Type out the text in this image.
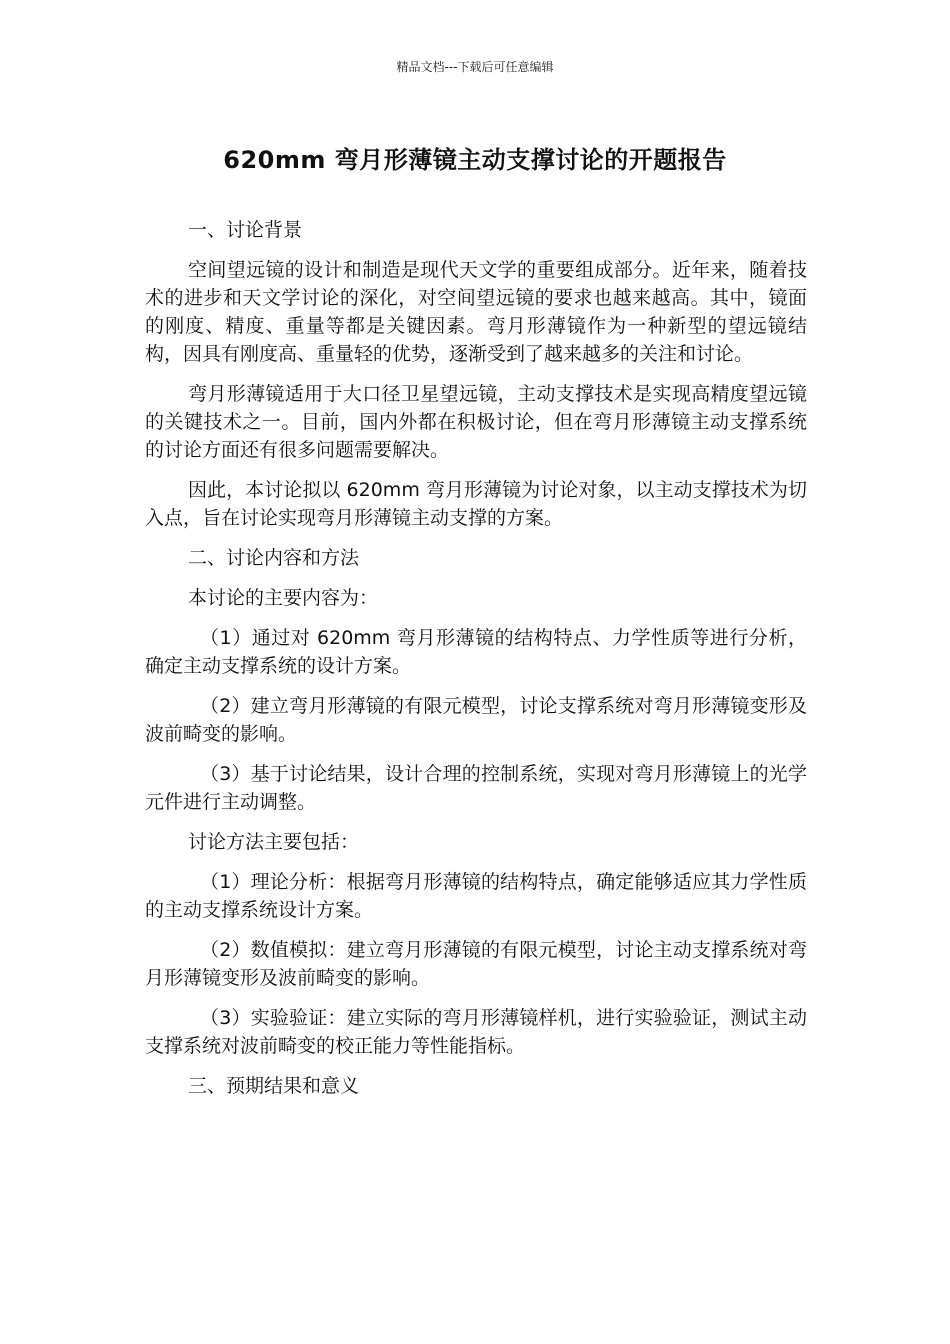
精品文档---下载后可任意编辑
620mm 弯月形薄镜主动支撑讨论的开题报告

一、讨论背景

空间望远镜的设计和制造是现代天文学的重要组成部分。近年来，随着技术的进步和天文学讨论的深化，对空间望远镜的要求也越来越高。其中，镜面的刚度、精度、重量等都是关键因素。弯月形薄镜作为一种新型的望远镜结构，因具有刚度高、重量轻的优势，逐渐受到了越来越多的关注和讨论。

弯月形薄镜适用于大口径卫星望远镜，主动支撑技术是实现高精度望远镜的关键技术之一。目前，国内外都在积极讨论，但在弯月形薄镜主动支撑系统的讨论方面还有很多问题需要解决。

因此，本讨论拟以 620mm 弯月形薄镜为讨论对象，以主动支撑技术为切入点，旨在讨论实现弯月形薄镜主动支撑的方案。

二、讨论内容和方法

本讨论的主要内容为：

（1）通过对 620mm 弯月形薄镜的结构特点、力学性质等进行分析，确定主动支撑系统的设计方案。

（2）建立弯月形薄镜的有限元模型，讨论支撑系统对弯月形薄镜变形及波前畸变的影响。

（3）基于讨论结果，设计合理的控制系统，实现对弯月形薄镜上的光学元件进行主动调整。

讨论方法主要包括：

（1）理论分析：根据弯月形薄镜的结构特点，确定能够适应其力学性质的主动支撑系统设计方案。

（2）数值模拟：建立弯月形薄镜的有限元模型，讨论主动支撑系统对弯月形薄镜变形及波前畸变的影响。

（3）实验验证：建立实际的弯月形薄镜样机，进行实验验证，测试主动支撑系统对波前畸变的校正能力等性能指标。

三、预期结果和意义
